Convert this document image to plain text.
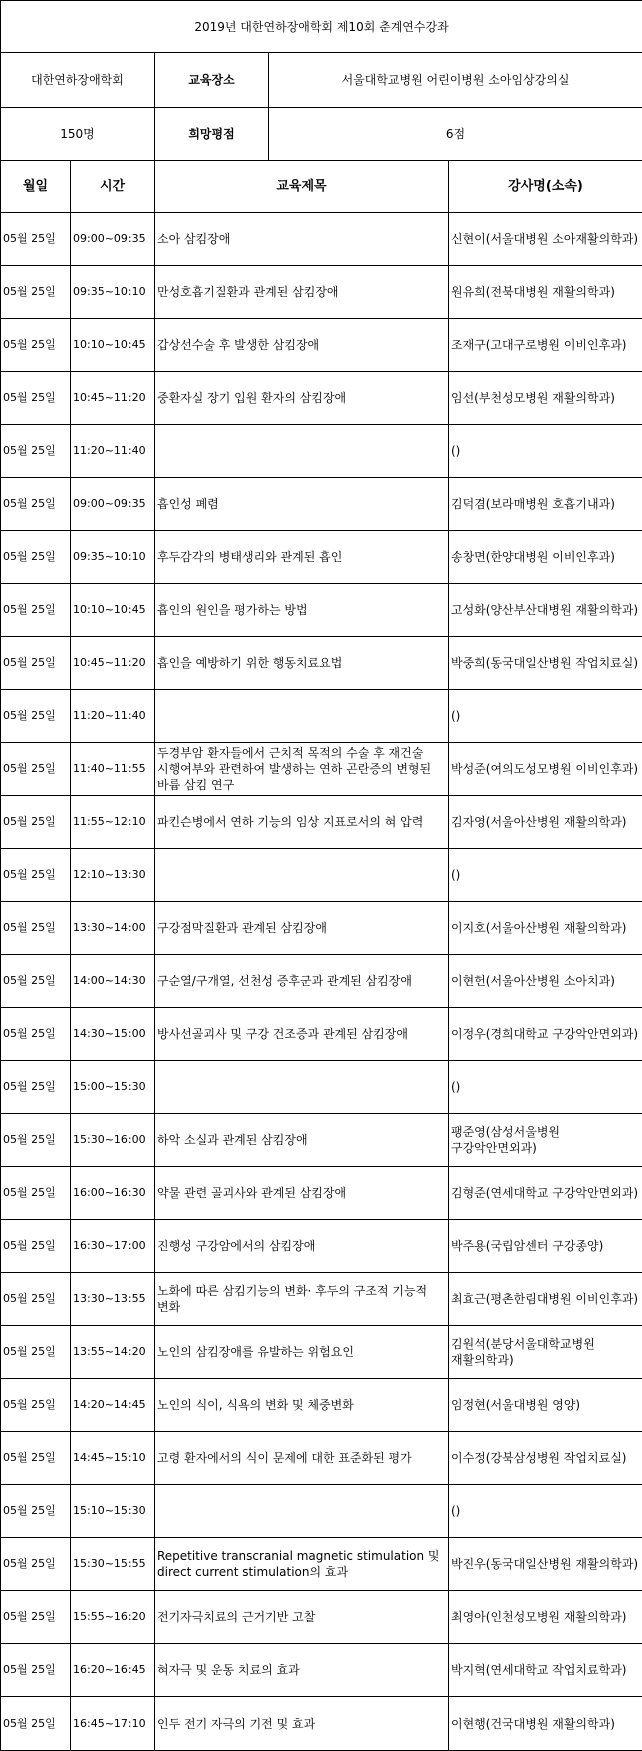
2019년 대한연하장애학회 제10회 춘계연수강좌		
대한연하장애학회	교육장소	서울대학교병원 어린이병원 소아임상강의실
150명	희망평점	6점
월일	시간	교육제목	강사명(소속)
05월 25일	09:00~09:35	소아 삼킴장애	신현이(서울대병원 소아재활의학과)
05월 25일	09:35~10:10	만성호흡기질환과 관계된 삼킴장애	원유희(전북대병원 재활의학과)
05월 25일	10:10~10:45	갑상선수술 후 발생한 삼킴장애	조재구(고대구로병원 이비인후과)
05월 25일	10:45~11:20	중환자실 장기 입원 환자의 삼킴장애	임선(부천성모병원 재활의학과)
05월 25일	11:20~11:40		()
05월 25일	09:00~09:35	흡인성 폐렴	김덕겸(보라매병원 호흡기내과)
05월 25일	09:35~10:10	후두감각의 병태생리와 관계된 흡인	송창면(한양대병원 이비인후과)
05월 25일	10:10~10:45	흡인의 원인을 평가하는 방법	고성화(양산부산대병원 재활의학과)
05월 25일	10:45~11:20	흡인을 예방하기 위한 행동치료요법	박중희(동국대일산병원 작업치료실)
05월 25일	11:20~11:40		()
05월 25일	11:40~11:55	두경부암 환자들에서 근치적 목적의 수술 후 재건술 시행여부와 관련하여 발생하는 연하 곤란증의 변형된 바륨 삼킴 연구	박성준(여의도성모병원 이비인후과)
05월 25일	11:55~12:10	파킨슨병에서 연하 기능의 임상 지표로서의 혀 압력	김자영(서울아산병원 재활의학과)
05월 25일	12:10~13:30		()
05월 25일	13:30~14:00	구강점막질환과 관계된 삼킴장애	이지호(서울아산병원 재활의학과)
05월 25일	14:00~14:30	구순열/구개열, 선천성 증후군과 관계된 삼킴장애	이현헌(서울아산병원 소아치과)
05월 25일	14:30~15:00	방사선골괴사 및 구강 건조증과 관계된 삼킴장애	이정우(경희대학교 구강악안면외과)
05월 25일	15:00~15:30		()
05월 25일	15:30~16:00	하악 소실과 관계된 삼킴장애	팽준영(삼성서울병원 구강악안면외과)
05월 25일	16:00~16:30	약물 관련 골괴사와 관계된 삼킴장애	김형준(연세대학교 구강악안면외과)
05월 25일	16:30~17:00	진행성 구강암에서의 삼킴장애	박주용(국립암센터 구강종양)
05월 25일	13:30~13:55	노화에 따른 삼킴기능의 변화· 후두의 구조적 기능적 변화	최효근(평촌한림대병원 이비인후과)
05월 25일	13:55~14:20	노인의 삼킴장애를 유발하는 위험요인	김원석(분당서울대학교병원 재활의학과)
05월 25일	14:20~14:45	노인의 식이, 식욕의 변화 및 체중변화	임정현(서울대병원 영양)
05월 25일	14:45~15:10	고령 환자에서의 식이 문제에 대한 표준화된 평가	이수정(강북삼성병원 작업치료실)
05월 25일	15:10~15:30		()
05월 25일	15:30~15:55	Repetitive transcranial magnetic stimulation 및 direct current stimulation의 효과	박진우(동국대일산병원 재활의학과)
05월 25일	15:55~16:20	전기자극치료의 근거기반 고찰	최영아(인천성모병원 재활의학과)
05월 25일	16:20~16:45	혀자극 및 운동 치료의 효과	박지혁(연세대학교 작업치료학과)
05월 25일	16:45~17:10	인두 전기 자극의 기전 및 효과	이현행(건국대병원 재활의학과)
